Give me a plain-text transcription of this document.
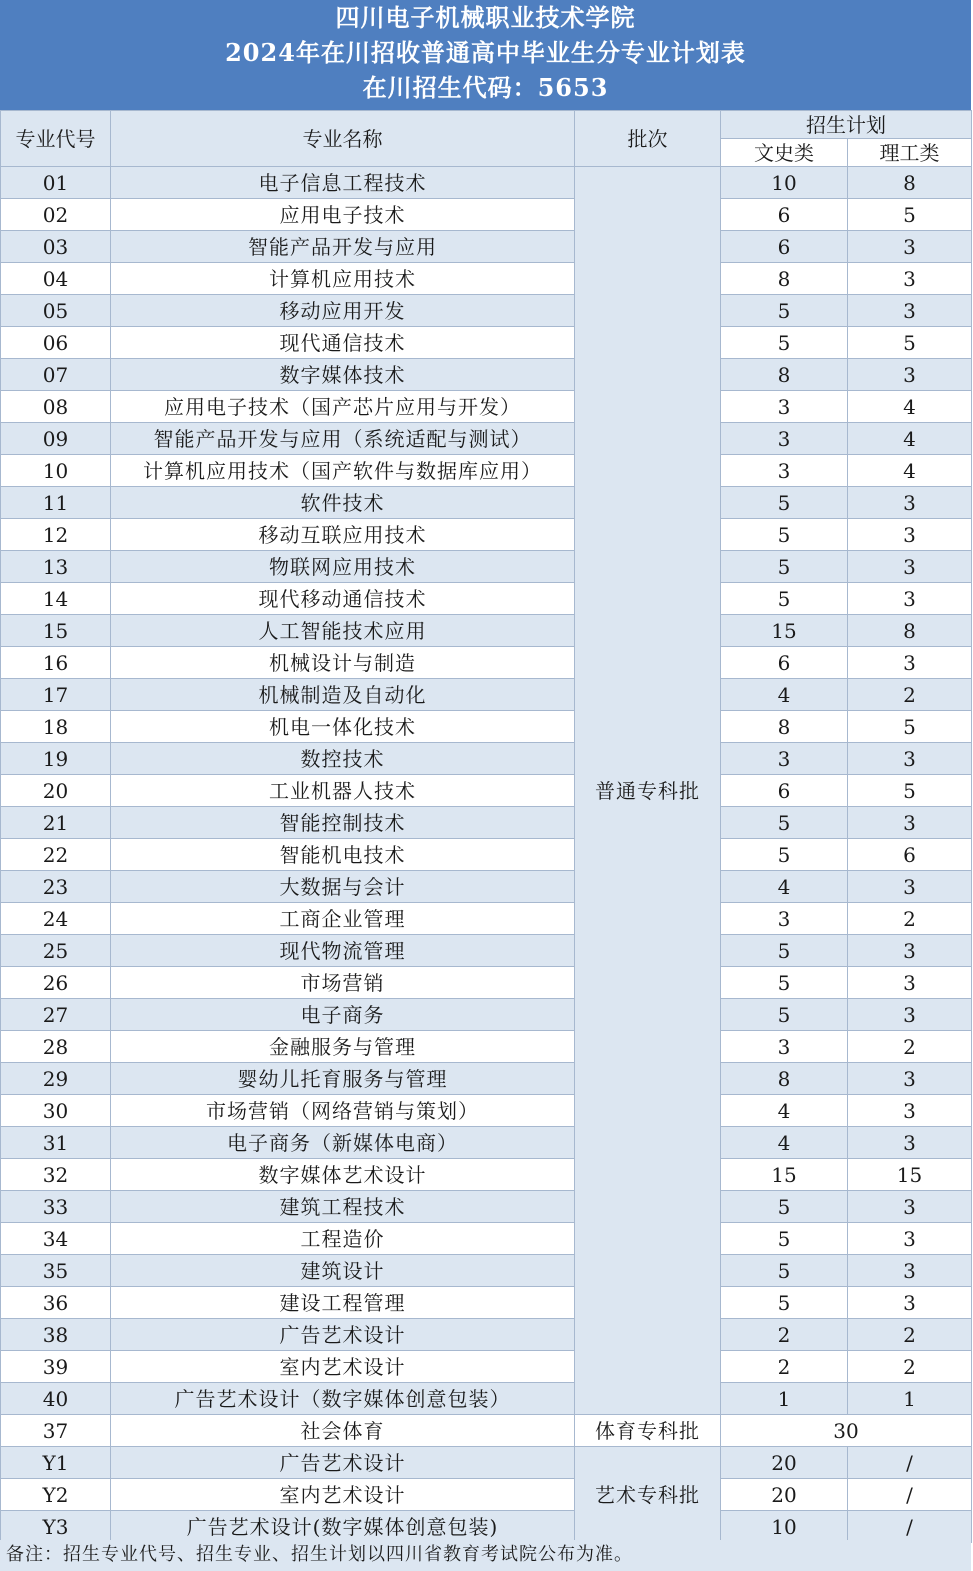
四川电子机械职业技术学院
2024年在川招收普通高中毕业生分专业计划表
在川招生代码：5653
专业代号	专业名称	批次	招生计划	
			文史类	理工类
01	电子信息工程技术	普通专科批	10	8
02	应用电子技术		6	5
03	智能产品开发与应用		6	3
04	计算机应用技术		8	3
05	移动应用开发		5	3
06	现代通信技术		5	5
07	数字媒体技术		8	3
08	应用电子技术（国产芯片应用与开发）		3	4
09	智能产品开发与应用（系统适配与测试）		3	4
10	计算机应用技术（国产软件与数据库应用）		3	4
11	软件技术		5	3
12	移动互联应用技术		5	3
13	物联网应用技术		5	3
14	现代移动通信技术		5	3
15	人工智能技术应用		15	8
16	机械设计与制造		6	3
17	机械制造及自动化		4	2
18	机电一体化技术		8	5
19	数控技术		3	3
20	工业机器人技术		6	5
21	智能控制技术		5	3
22	智能机电技术		5	6
23	大数据与会计		4	3
24	工商企业管理		3	2
25	现代物流管理		5	3
26	市场营销		5	3
27	电子商务		5	3
28	金融服务与管理		3	2
29	婴幼儿托育服务与管理		8	3
30	市场营销（网络营销与策划）		4	3
31	电子商务（新媒体电商）		4	3
32	数字媒体艺术设计		15	15
33	建筑工程技术		5	3
34	工程造价		5	3
35	建筑设计		5	3
36	建设工程管理		5	3
38	广告艺术设计		2	2
39	室内艺术设计		2	2
40	广告艺术设计（数字媒体创意包装）		1	1
37	社会体育	体育专科批	30	
Y1	广告艺术设计	艺术专科批	20	/
Y2	室内艺术设计		20	/
Y3	广告艺术设计(数字媒体创意包装)		10	/
备注：招生专业代号、招生专业、招生计划以四川省教育考试院公布为准。
